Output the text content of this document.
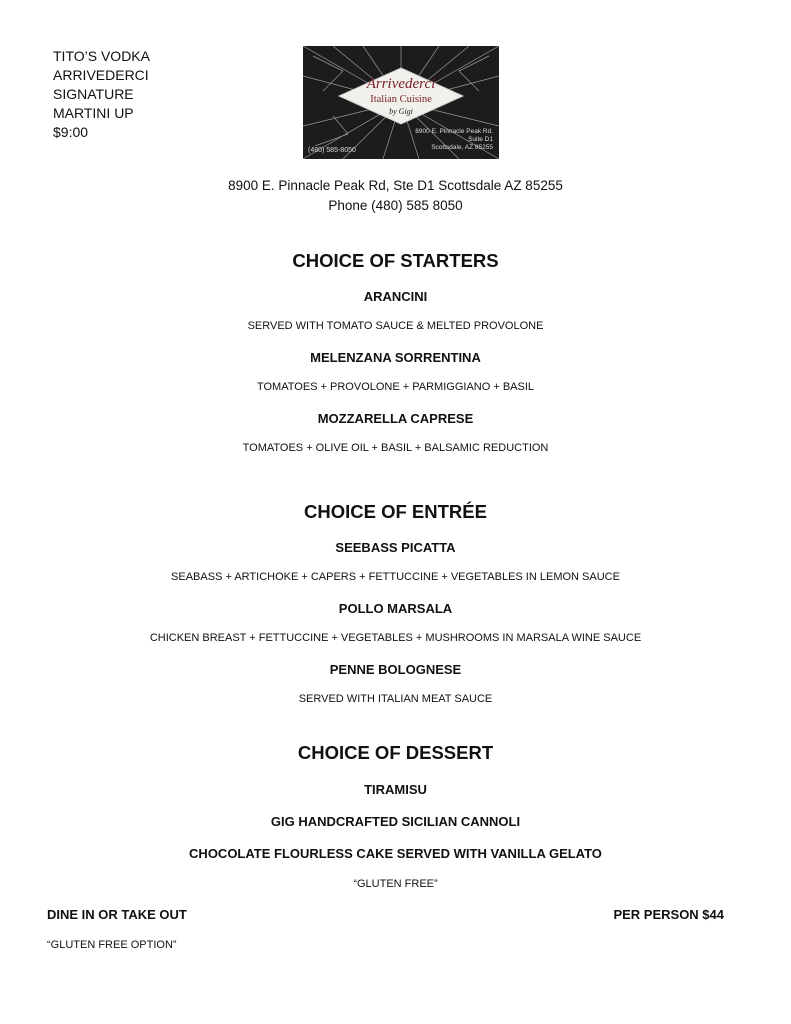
TITO’S VODKA
ARRIVEDERCI
SIGNATURE
MARTINI UP
$9:00
Arrivederci
Italian Cuisine
by Gigi
(480) 585-8050
8900 E. Pinnacle Peak Rd.
Suite D1
Scottsdale, AZ 85255
8900 E. Pinnacle Peak Rd, Ste D1 Scottsdale AZ 85255
Phone (480) 585 8050
CHOICE OF STARTERS
ARANCINI
SERVED WITH TOMATO SAUCE & MELTED PROVOLONE
MELENZANA SORRENTINA
TOMATOES + PROVOLONE + PARMIGGIANO + BASIL
MOZZARELLA CAPRESE
TOMATOES + OLIVE OIL + BASIL + BALSAMIC REDUCTION
CHOICE OF ENTRÉE
SEEBASS PICATTA
SEABASS + ARTICHOKE + CAPERS + FETTUCCINE + VEGETABLES IN LEMON SAUCE
POLLO MARSALA
CHICKEN BREAST + FETTUCCINE + VEGETABLES + MUSHROOMS IN MARSALA WINE SAUCE
PENNE BOLOGNESE
SERVED WITH ITALIAN MEAT SAUCE
CHOICE OF DESSERT
TIRAMISU
GIG HANDCRAFTED SICILIAN CANNOLI
CHOCOLATE FLOURLESS CAKE SERVED WITH VANILLA GELATO
“GLUTEN FREE”
DINE IN OR TAKE OUT	PER PERSON $44
“GLUTEN FREE OPTION”
